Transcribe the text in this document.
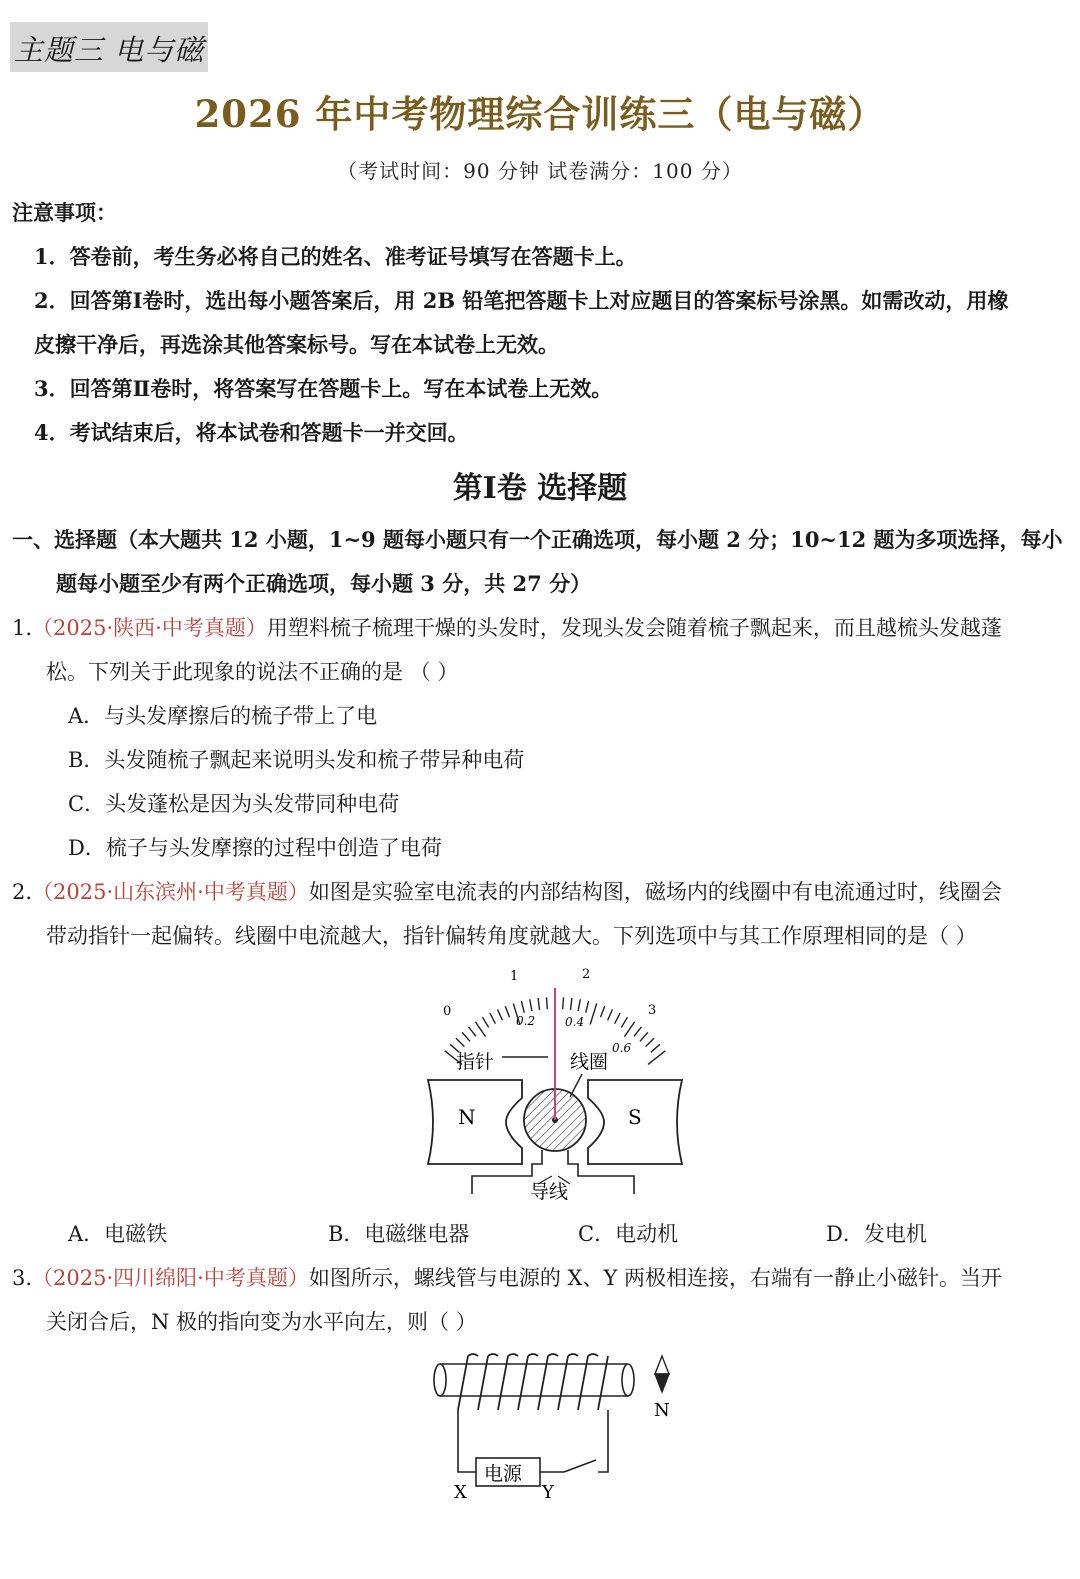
主题三 电与磁
2026 年中考物理综合训练三（电与磁）
（考试时间：90 分钟 试卷满分：100 分）
注意事项：
1．答卷前，考生务必将自己的姓名、准考证号填写在答题卡上。
2．回答第Ⅰ卷时，选出每小题答案后，用 2B 铅笔把答题卡上对应题目的答案标号涂黑。如需改动，用橡
皮擦干净后，再选涂其他答案标号。写在本试卷上无效。
3．回答第Ⅱ卷时，将答案写在答题卡上。写在本试卷上无效。
4．考试结束后，将本试卷和答题卡一并交回。
第Ⅰ卷 选择题
一、选择题（本大题共 12 小题，1~9 题每小题只有一个正确选项，每小题 2 分；10~12 题为多项选择，每小
题每小题至少有两个正确选项，每小题 3 分，共 27 分）
1.（2025·陕西·中考真题）用塑料梳子梳理干燥的头发时，发现头发会随着梳子飘起来，而且越梳头发越蓬
松。下列关于此现象的说法不正确的是 （ ）
A．与头发摩擦后的梳子带上了电
B．头发随梳子飘起来说明头发和梳子带异种电荷
C．头发蓬松是因为头发带同种电荷
D．梳子与头发摩擦的过程中创造了电荷
2.（2025·山东滨州·中考真题）如图是实验室电流表的内部结构图，磁场内的线圈中有电流通过时，线圈会
带动指针一起偏转。线圈中电流越大，指针偏转角度就越大。下列选项中与其工作原理相同的是（ ）
0
1	2
3
0.2 0.4
0.6
指针	线圈
N	S
导线
A．电磁铁	B．电磁继电器	C．电动机	D．发电机
3.（2025·四川绵阳·中考真题）如图所示，螺线管与电源的 X、Y 两极相连接，右端有一静止小磁针。当开
关闭合后，N 极的指向变为水平向左，则（ ）
电源
X	Y
N
